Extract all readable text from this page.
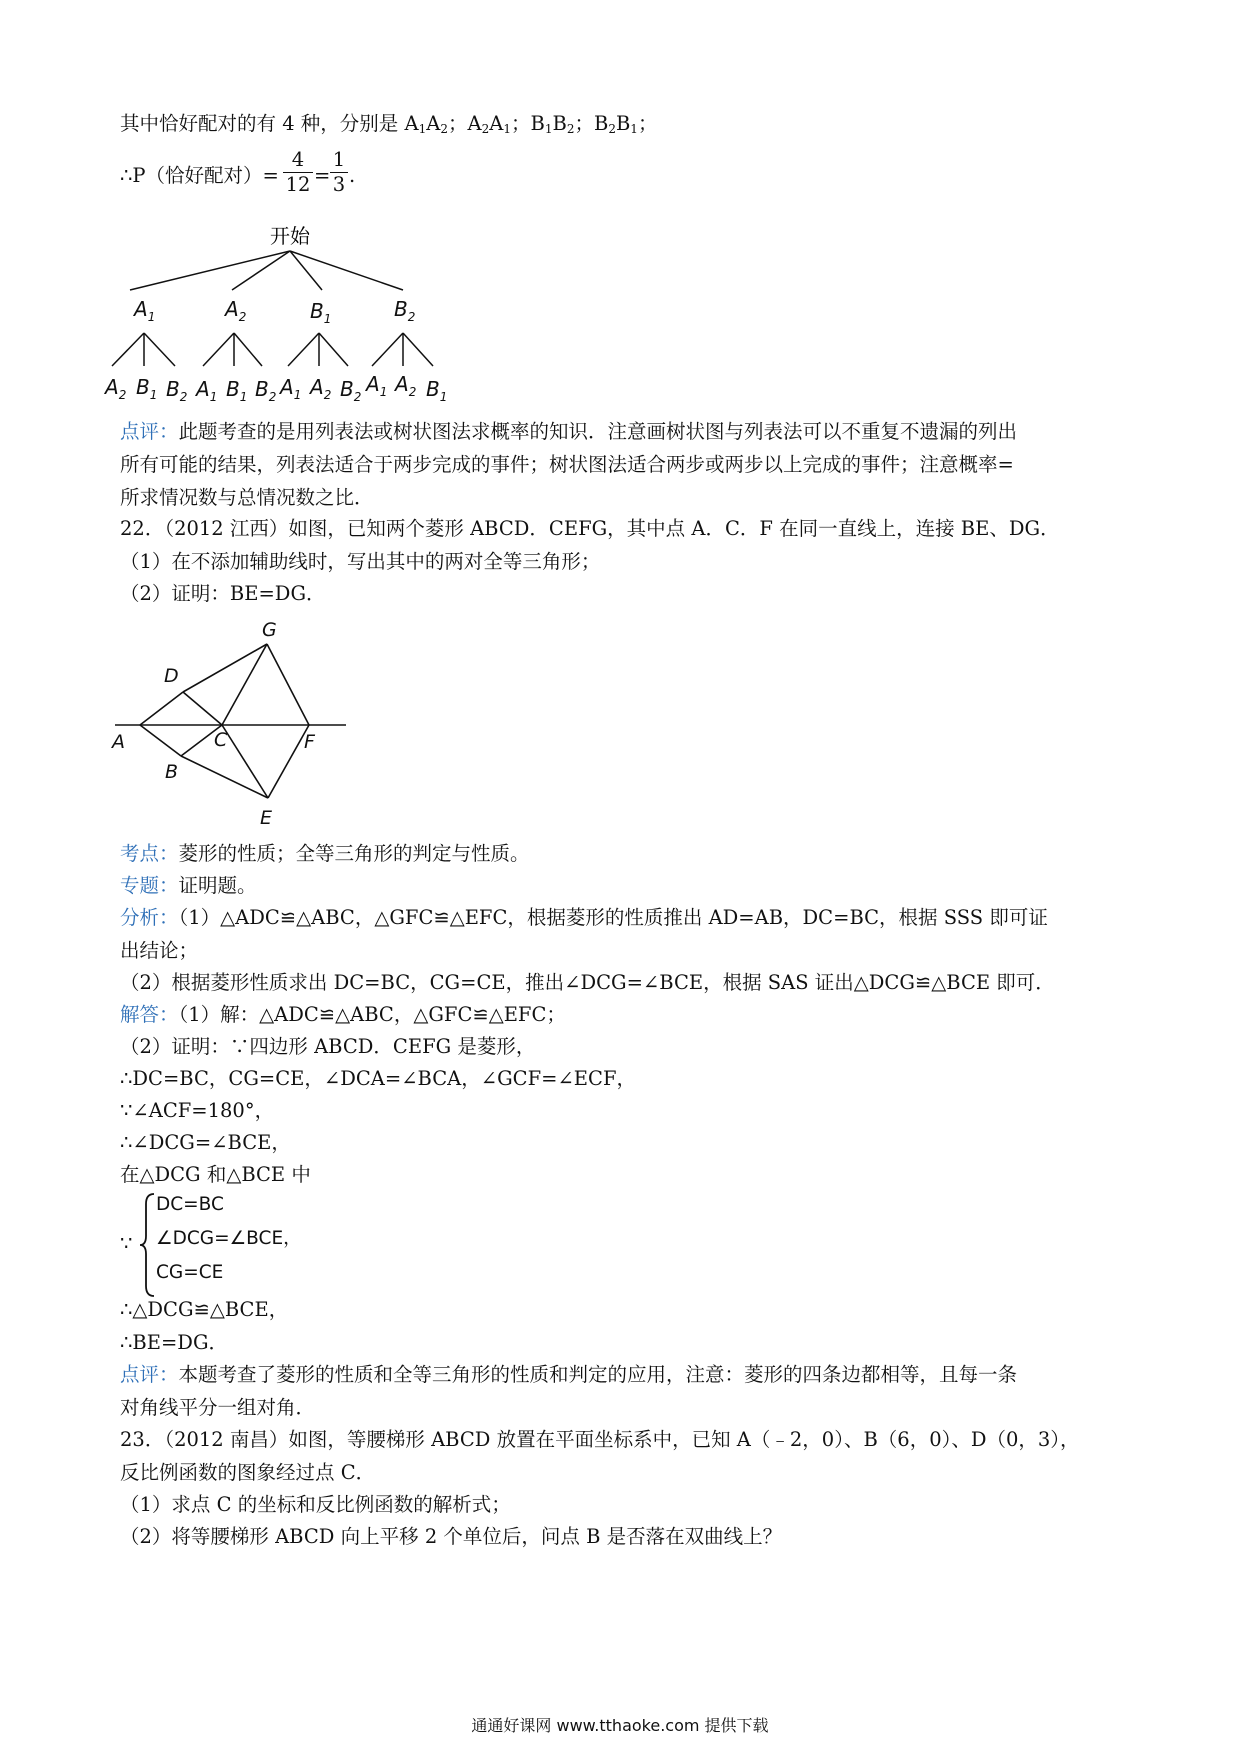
其中恰好配对的有 4 种，分别是 $A_1A_2$；$A_2A_1$；$B_1B_2$；$B_2B_1$；
∴P（恰好配对）= $\frac{4}{12} = \frac{1}{3}$ .
开始
$A_1$	$A_2$	$B_1$	$B_2$
$A_2$ $B_1$ $B_2$ $A_1$ $B_1$ $B_2$ $A_1$ $A_2$ $B_2$
$A_1$ $A_2$ $B_1$
点评：此题考查的是用列表法或树状图法求概率的知识．注意画树状图与列表法可以不重复不遗漏的列出
所有可能的结果，列表法适合于两步完成的事件；树状图法适合两步或两步以上完成的事件；注意概率=
所求情况数与总情况数之比．
22．（2012 江西）如图，已知两个菱形 ABCD．CEFG，其中点 A．C．F 在同一直线上，连接 BE、DG．
（1）在不添加辅助线时，写出其中的两对全等三角形；
（2）证明：BE=DG．
G
D
A	C	F
B
E
考点：菱形的性质；全等三角形的判定与性质。
专题：证明题。
分析：（1）△ADC≌△ABC，△GFC≌△EFC，根据菱形的性质推出 AD=AB，DC=BC，根据 SSS 即可证
出结论；
（2）根据菱形性质求出 DC=BC，CG=CE，推出∠DCG=∠BCE，根据 SAS 证出△DCG≌△BCE 即可．
解答：（1）解：△ADC≌△ABC，△GFC≌△EFC；
（2）证明：∵四边形 ABCD．CEFG 是菱形，
∴DC=BC，CG=CE，∠DCA=∠BCA，∠GCF=∠ECF，
∵∠ACF=180°，
∴∠DCG=∠BCE，
在△DCG 和△BCE 中
∵
DC=BC
∠DCG=∠BCE，
CG=CE
∴△DCG≌△BCE，
∴BE=DG．
点评：本题考查了菱形的性质和全等三角形的性质和判定的应用，注意：菱形的四条边都相等，且每一条
对角线平分一组对角．
23．（2012 南昌）如图，等腰梯形 ABCD 放置在平面坐标系中，已知 A（﹣2，0）、B（6，0）、D（0，3），
反比例函数的图象经过点 C．
（1）求点 C 的坐标和反比例函数的解析式；
（2）将等腰梯形 ABCD 向上平移 2 个单位后，问点 B 是否落在双曲线上？
通通好课网 www.tthaoke.com 提供下载
